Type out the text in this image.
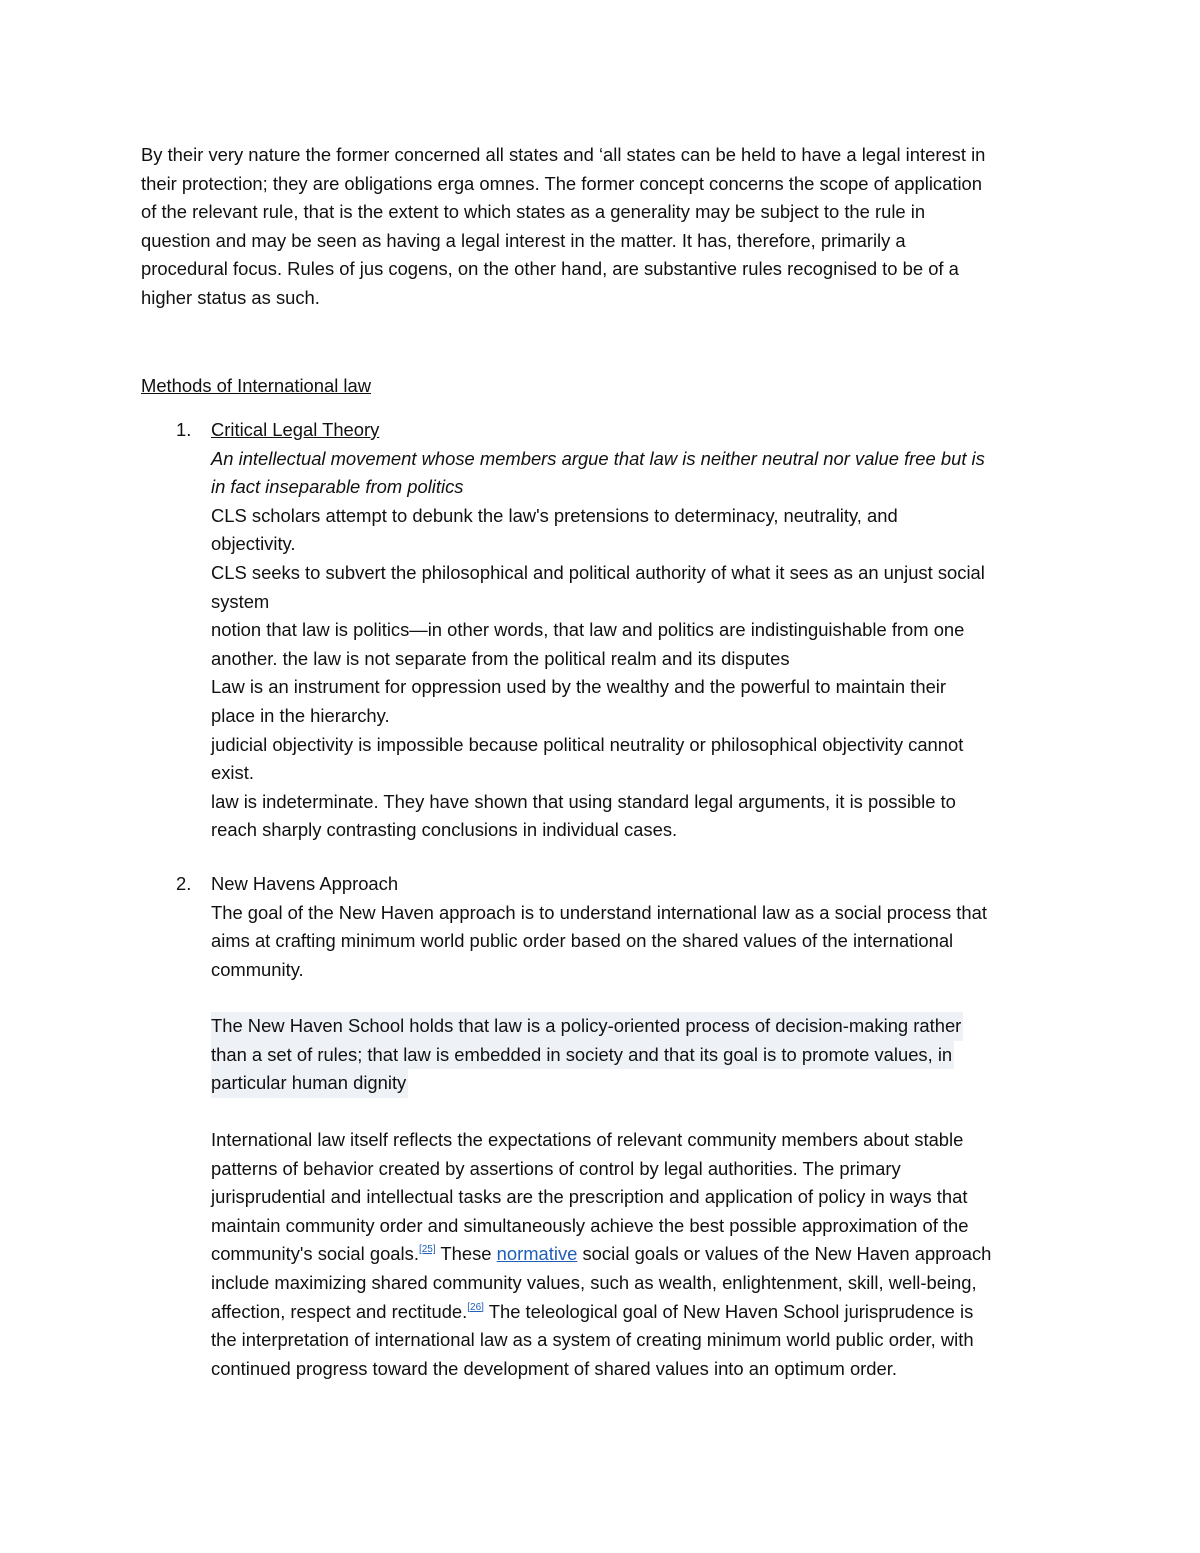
By their very nature the former concerned all states and ‘all states can be held to have a legal interest in
their protection; they are obligations erga omnes. The former concept concerns the scope of application
of the relevant rule, that is the extent to which states as a generality may be subject to the rule in
question and may be seen as having a legal interest in the matter. It has, therefore, primarily a
procedural focus. Rules of jus cogens, on the other hand, are substantive rules recognised to be of a
higher status as such.
Methods of International law
1. Critical Legal Theory
An intellectual movement whose members argue that law is neither neutral nor value free but is
in fact inseparable from politics
CLS scholars attempt to debunk the law's pretensions to determinacy, neutrality, and
objectivity.
CLS seeks to subvert the philosophical and political authority of what it sees as an unjust social
system
notion that law is politics—in other words, that law and politics are indistinguishable from one
another. the law is not separate from the political realm and its disputes
Law is an instrument for oppression used by the wealthy and the powerful to maintain their
place in the hierarchy.
judicial objectivity is impossible because political neutrality or philosophical objectivity cannot
exist.
law is indeterminate. They have shown that using standard legal arguments, it is possible to
reach sharply contrasting conclusions in individual cases.
2. New Havens Approach
The goal of the New Haven approach is to understand international law as a social process that
aims at crafting minimum world public order based on the shared values of the international
community.
The New Haven School holds that law is a policy-oriented process of decision-making rather
than a set of rules; that law is embedded in society and that its goal is to promote values, in
particular human dignity
International law itself reflects the expectations of relevant community members about stable
patterns of behavior created by assertions of control by legal authorities. The primary
jurisprudential and intellectual tasks are the prescription and application of policy in ways that
maintain community order and simultaneously achieve the best possible approximation of the
community's social goals.[25] These normative social goals or values of the New Haven approach
include maximizing shared community values, such as wealth, enlightenment, skill, well-being,
affection, respect and rectitude.[26] The teleological goal of New Haven School jurisprudence is
the interpretation of international law as a system of creating minimum world public order, with
continued progress toward the development of shared values into an optimum order.
